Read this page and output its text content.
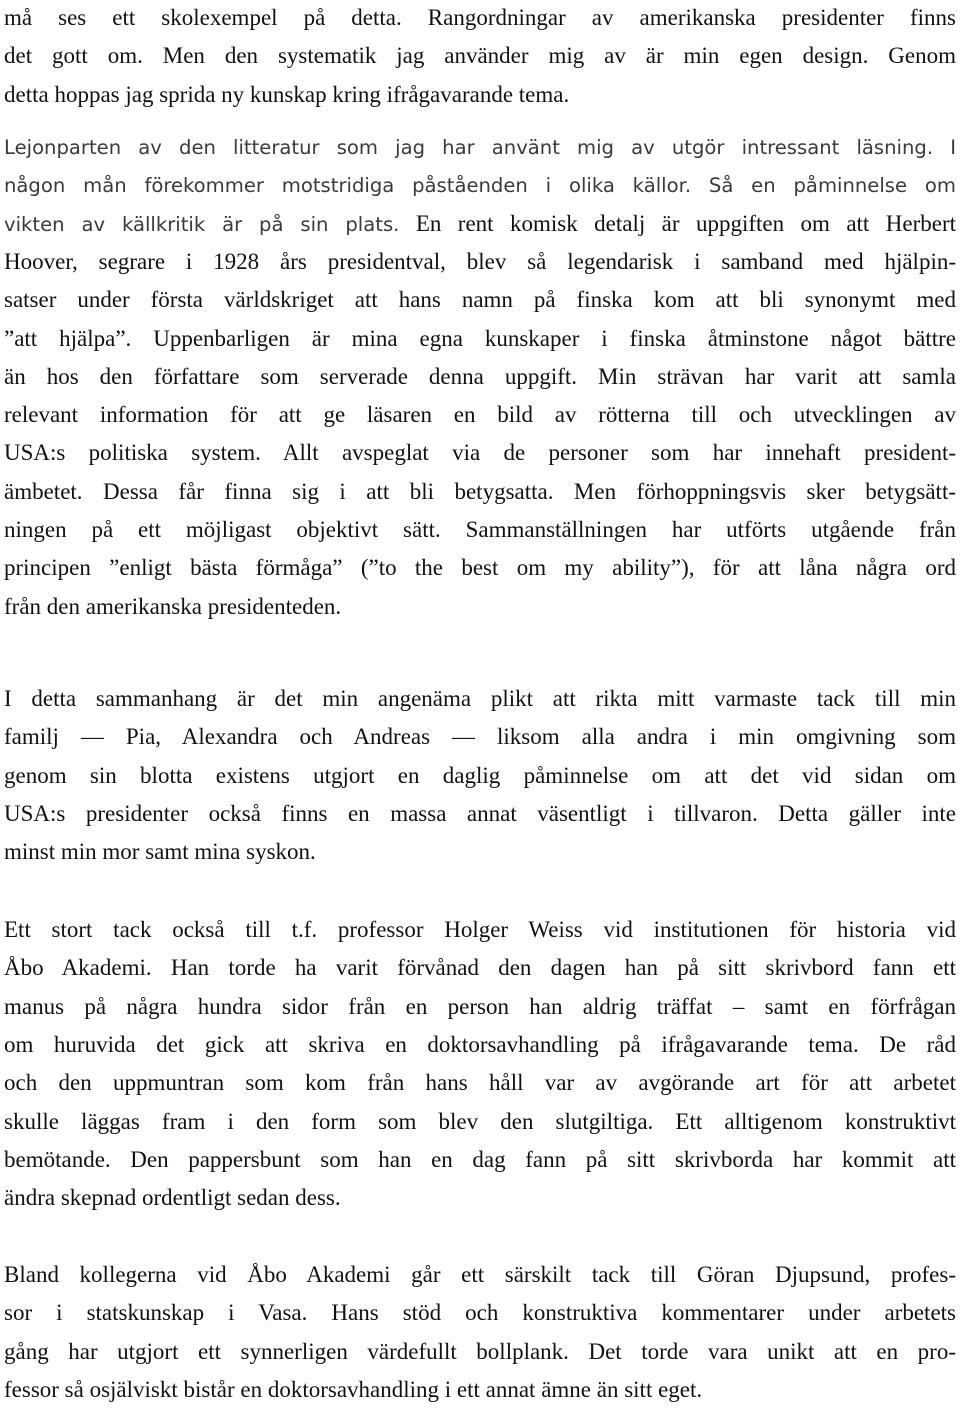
må ses ett skolexempel på detta. Rangordningar av amerikanska presidenter finns
det gott om. Men den systematik jag använder mig av är min egen design. Genom
detta hoppas jag sprida ny kunskap kring ifrågavarande tema.
Lejonparten av den litteratur som jag har använt mig av utgör intressant läsning. I
någon mån förekommer motstridiga påståenden i olika källor. Så en påminnelse om
vikten av källkritik är på sin plats. En rent komisk detalj är uppgiften om att Herbert
Hoover, segrare i 1928 års presidentval, blev så legendarisk i samband med hjälpin-
satser under första världskriget att hans namn på finska kom att bli synonymt med
”att hjälpa”. Uppenbarligen är mina egna kunskaper i finska åtminstone något bättre
än hos den författare som serverade denna uppgift. Min strävan har varit att samla
relevant information för att ge läsaren en bild av rötterna till och utvecklingen av
USA:s politiska system. Allt avspeglat via de personer som har innehaft president-
ämbetet. Dessa får finna sig i att bli betygsatta. Men förhoppningsvis sker betygsätt-
ningen på ett möjligast objektivt sätt. Sammanställningen har utförts utgående från
principen ”enligt bästa förmåga” (”to the best om my ability”), för att låna några ord
från den amerikanska presidenteden.
I detta sammanhang är det min angenäma plikt att rikta mitt varmaste tack till min
familj — Pia, Alexandra och Andreas — liksom alla andra i min omgivning som
genom sin blotta existens utgjort en daglig påminnelse om att det vid sidan om
USA:s presidenter också finns en massa annat väsentligt i tillvaron. Detta gäller inte
minst min mor samt mina syskon.
Ett stort tack också till t.f. professor Holger Weiss vid institutionen för historia vid
Åbo Akademi. Han torde ha varit förvånad den dagen han på sitt skrivbord fann ett
manus på några hundra sidor från en person han aldrig träffat – samt en förfrågan
om huruvida det gick att skriva en doktorsavhandling på ifrågavarande tema. De råd
och den uppmuntran som kom från hans håll var av avgörande art för att arbetet
skulle läggas fram i den form som blev den slutgiltiga. Ett alltigenom konstruktivt
bemötande. Den pappersbunt som han en dag fann på sitt skrivborda har kommit att
ändra skepnad ordentligt sedan dess.
Bland kollegerna vid Åbo Akademi går ett särskilt tack till Göran Djupsund, profes-
sor i statskunskap i Vasa. Hans stöd och konstruktiva kommentarer under arbetets
gång har utgjort ett synnerligen värdefullt bollplank. Det torde vara unikt att en pro-
fessor så osjälviskt bistår en doktorsavhandling i ett annat ämne än sitt eget.
